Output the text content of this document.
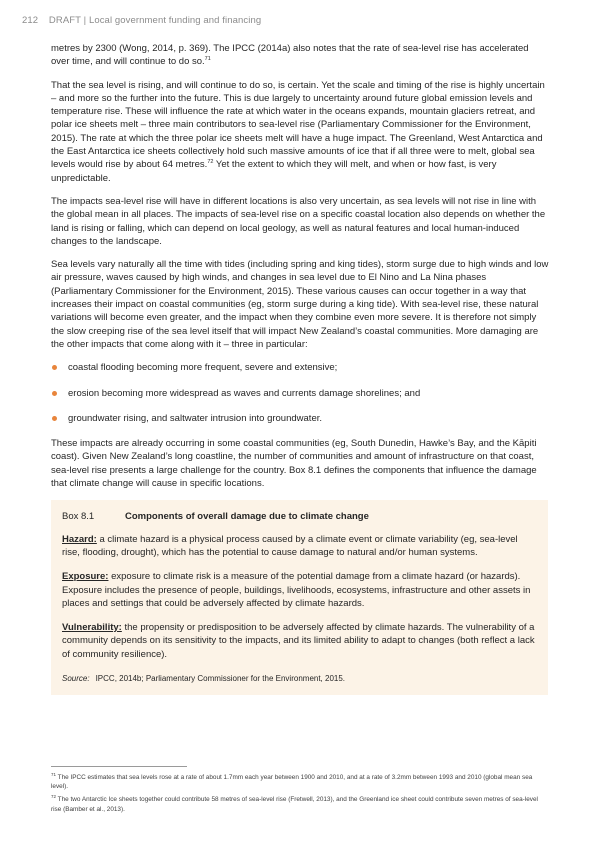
212 DRAFT | Local government funding and financing

metres by 2300 (Wong, 2014, p. 369). The IPCC (2014a) also notes that the rate of sea-level rise has accelerated over time, and will continue to do so.$^{71}$

That the sea level is rising, and will continue to do so, is certain. Yet the scale and timing of the rise is highly uncertain – and more so the further into the future. This is due largely to uncertainty around future global emission levels and temperature rise. These will influence the rate at which water in the oceans expands, mountain glaciers retreat, and polar ice sheets melt – three main contributors to sea-level rise (Parliamentary Commissioner for the Environment, 2015). The rate at which the three polar ice sheets melt will have a huge impact. The Greenland, West Antarctica and the East Antarctica ice sheets collectively hold such massive amounts of ice that if all three were to melt, global sea levels would rise by about 64 metres.$^{72}$ Yet the extent to which they will melt, and when or how fast, is very unpredictable.

The impacts sea-level rise will have in different locations is also very uncertain, as sea levels will not rise in line with the global mean in all places. The impacts of sea-level rise on a specific coastal location also depends on whether the land is rising or falling, which can depend on local geology, as well as natural features and local human-induced changes to the landscape.

Sea levels vary naturally all the time with tides (including spring and king tides), storm surge due to high winds and low air pressure, waves caused by high winds, and changes in sea level due to El Nino and La Nina phases (Parliamentary Commissioner for the Environment, 2015). These various causes can occur together in a way that increases their impact on coastal communities (eg, storm surge during a king tide). With sea-level rise, these natural variations will become even greater, and the impact when they combine even more severe. It is therefore not simply the slow creeping rise of the sea level itself that will impact New Zealand’s coastal communities. More damaging are the other impacts that come along with it – three in particular:

coastal flooding becoming more frequent, severe and extensive;
erosion becoming more widespread as waves and currents damage shorelines; and
groundwater rising, and saltwater intrusion into groundwater.

These impacts are already occurring in some coastal communities (eg, South Dunedin, Hawke’s Bay, and the Kāpiti coast). Given New Zealand’s long coastline, the number of communities and amount of infrastructure on that coast, sea-level rise presents a large challenge for the country. Box 8.1 defines the components that influence the damage that climate change will cause in specific locations.

Box 8.1	Components of overall damage due to climate change

Hazard: a climate hazard is a physical process caused by a climate event or climate variability (eg, sea-level rise, flooding, drought), which has the potential to cause damage to natural and/or human systems.

Exposure: exposure to climate risk is a measure of the potential damage from a climate hazard (or hazards). Exposure includes the presence of people, buildings, livelihoods, ecosystems, infrastructure and other assets in places and settings that could be adversely affected by climate hazards.

Vulnerability: the propensity or predisposition to be adversely affected by climate hazards. The vulnerability of a community depends on its sensitivity to the impacts, and its limited ability to adapt to changes (both reflect a lack of community resilience).

Source: IPCC, 2014b; Parliamentary Commissioner for the Environment, 2015.

$^{71}$ The IPCC estimates that sea levels rose at a rate of about 1.7mm each year between 1900 and 2010, and at a rate of 3.2mm between 1993 and 2010 (global mean sea level).

$^{72}$ The two Antarctic Ice sheets together could contribute 58 metres of sea-level rise (Fretwell, 2013), and the Greenland ice sheet could contribute seven metres of sea-level rise (Bamber et al., 2013).
